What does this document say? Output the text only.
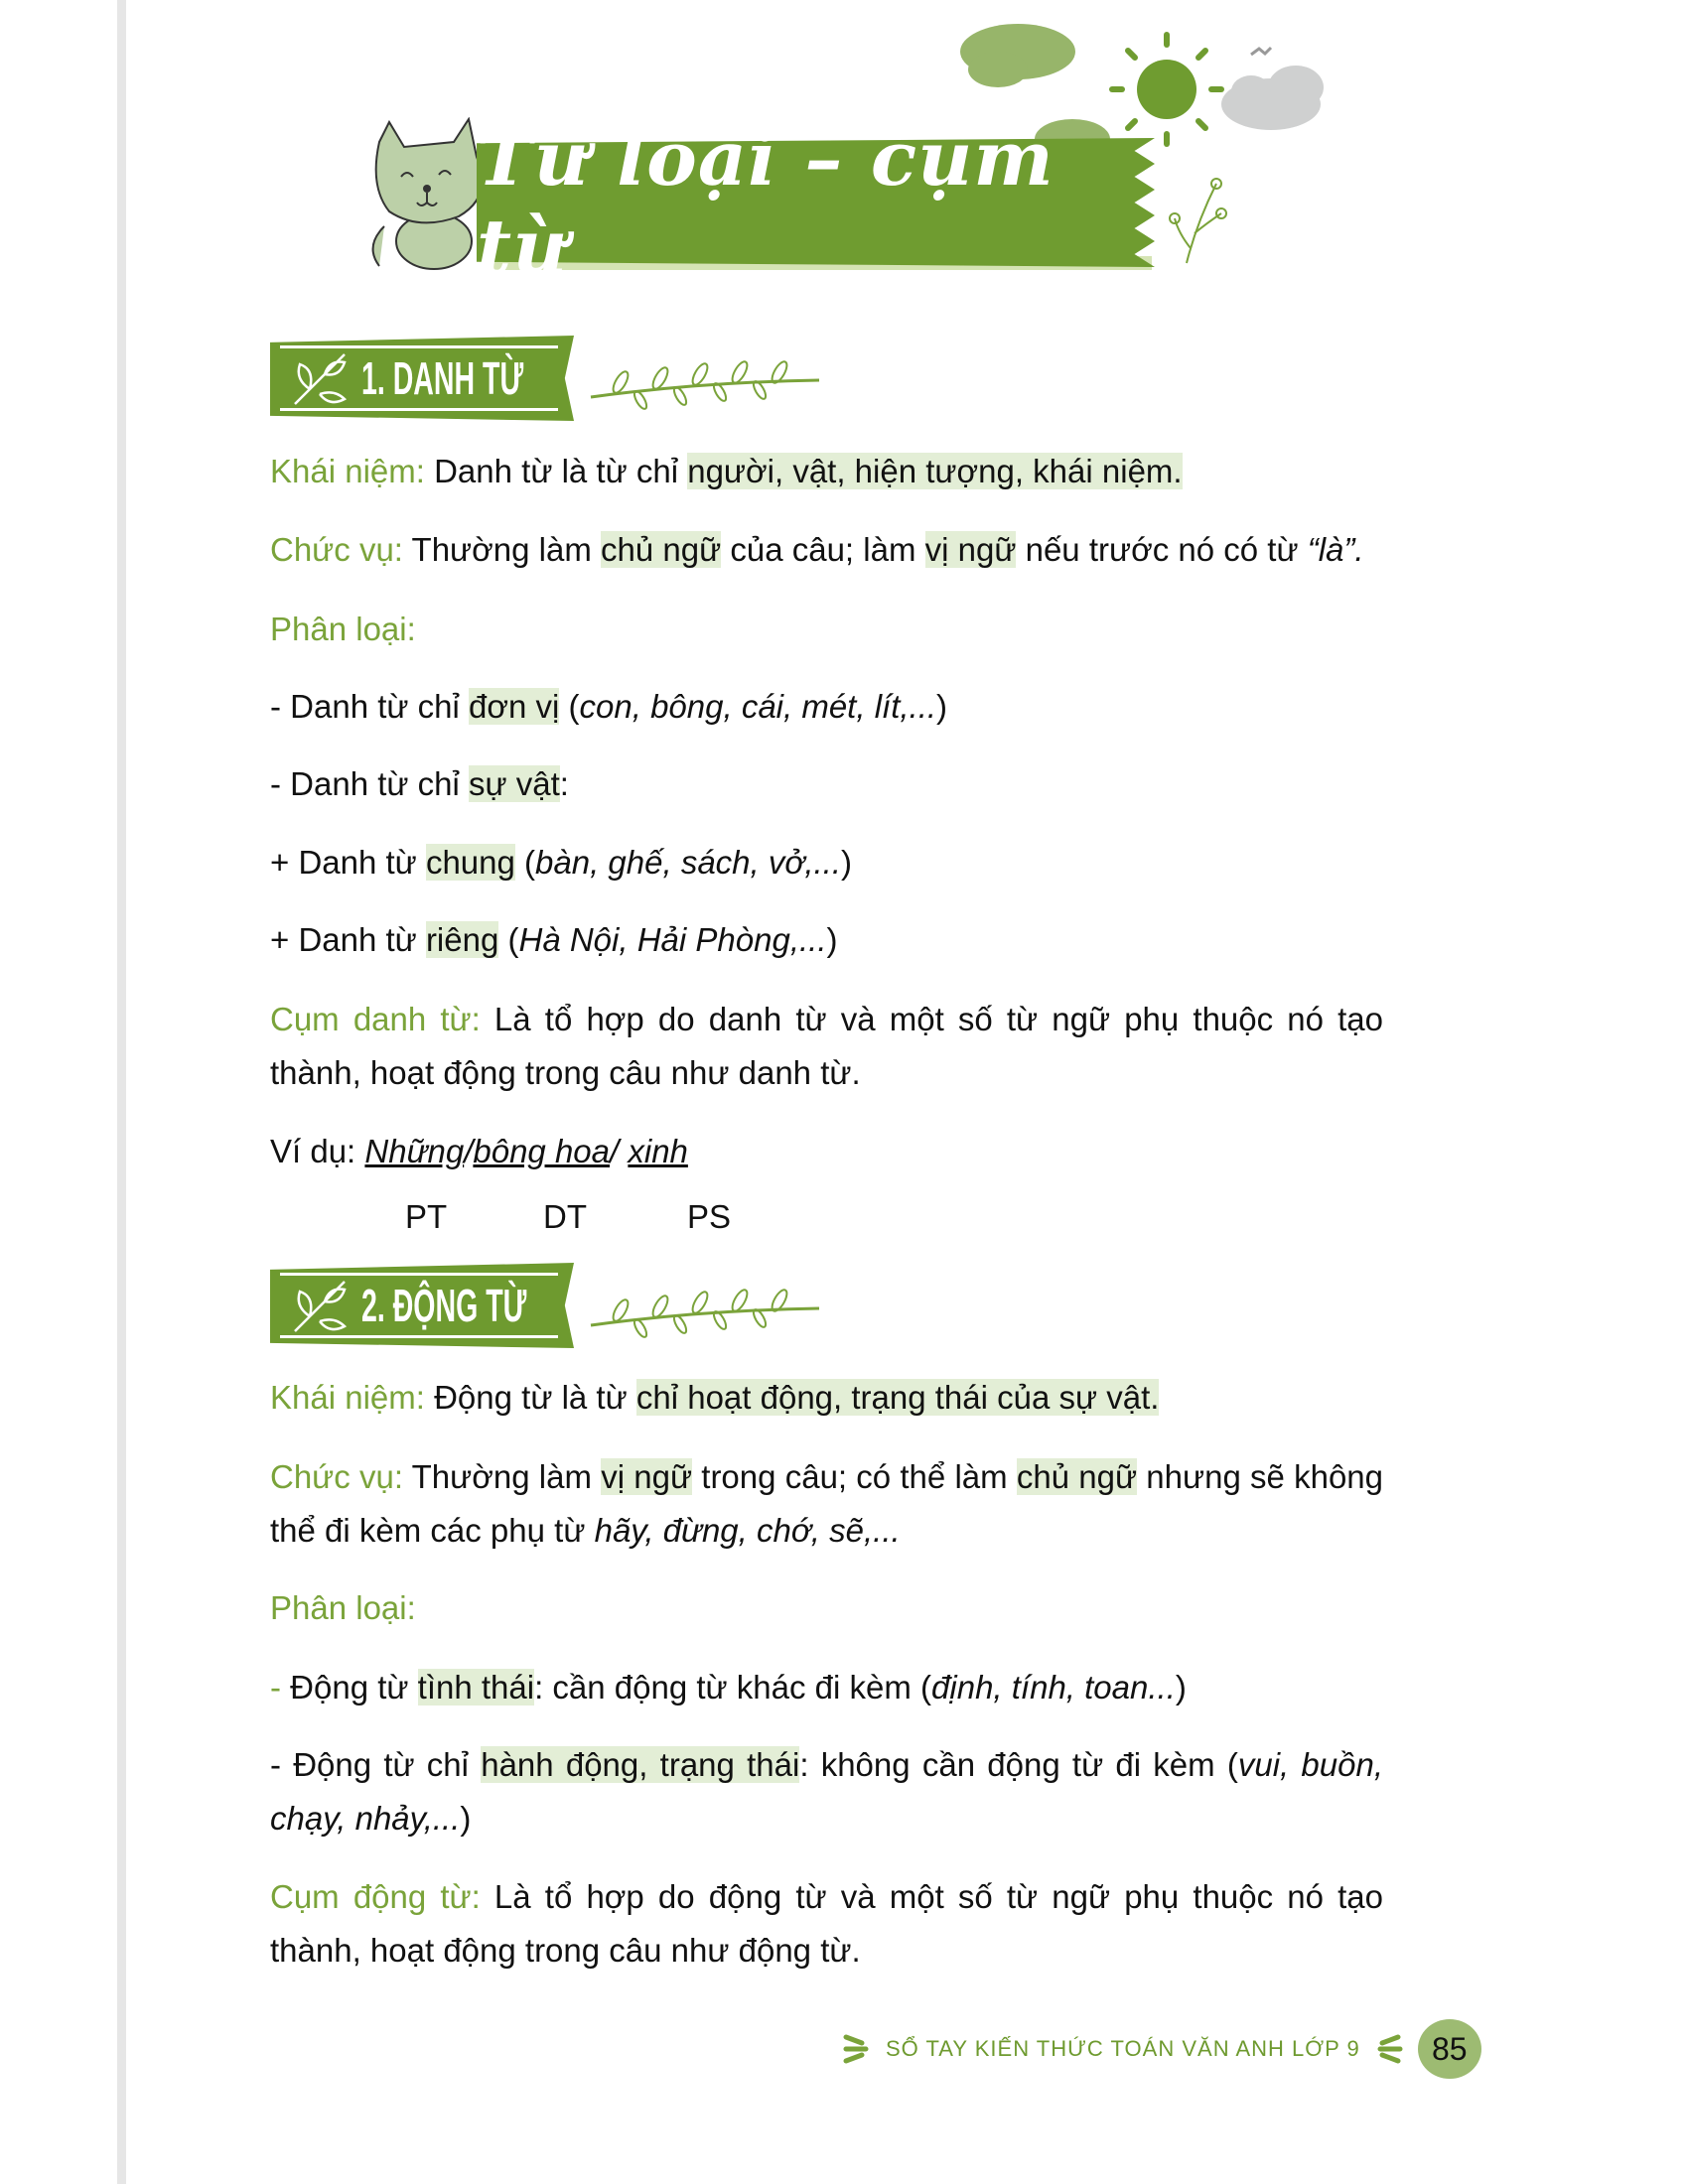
Từ loại – cụm từ
1. DANH TỪ
Khái niệm: Danh từ là từ chỉ người, vật, hiện tượng, khái niệm.
Chức vụ: Thường làm chủ ngữ của câu; làm vị ngữ nếu trước nó có từ “là”.
Phân loại:
- Danh từ chỉ đơn vị (con, bông, cái, mét, lít,...)
- Danh từ chỉ sự vật:
+ Danh từ chung (bàn, ghế, sách, vở,...)
+ Danh từ riêng (Hà Nội, Hải Phòng,...)
Cụm danh từ: Là tổ hợp do danh từ và một số từ ngữ phụ thuộc nó tạo thành, hoạt động trong câu như danh từ.
Ví dụ: Những/bông hoa/ xinh
PT	DT	PS
2. ĐỘNG TỪ
Khái niệm: Động từ là từ chỉ hoạt động, trạng thái của sự vật.
Chức vụ: Thường làm vị ngữ trong câu; có thể làm chủ ngữ nhưng sẽ không thể đi kèm các phụ từ hãy, đừng, chớ, sẽ,...
Phân loại:
- Động từ tình thái: cần động từ khác đi kèm (định, tính, toan...)
- Động từ chỉ hành động, trạng thái: không cần động từ đi kèm (vui, buồn, chạy, nhảy,...)
Cụm động từ: Là tổ hợp do động từ và một số từ ngữ phụ thuộc nó tạo thành, hoạt động trong câu như động từ.
SỔ TAY KIẾN THỨC TOÁN VĂN ANH LỚP 9	85
